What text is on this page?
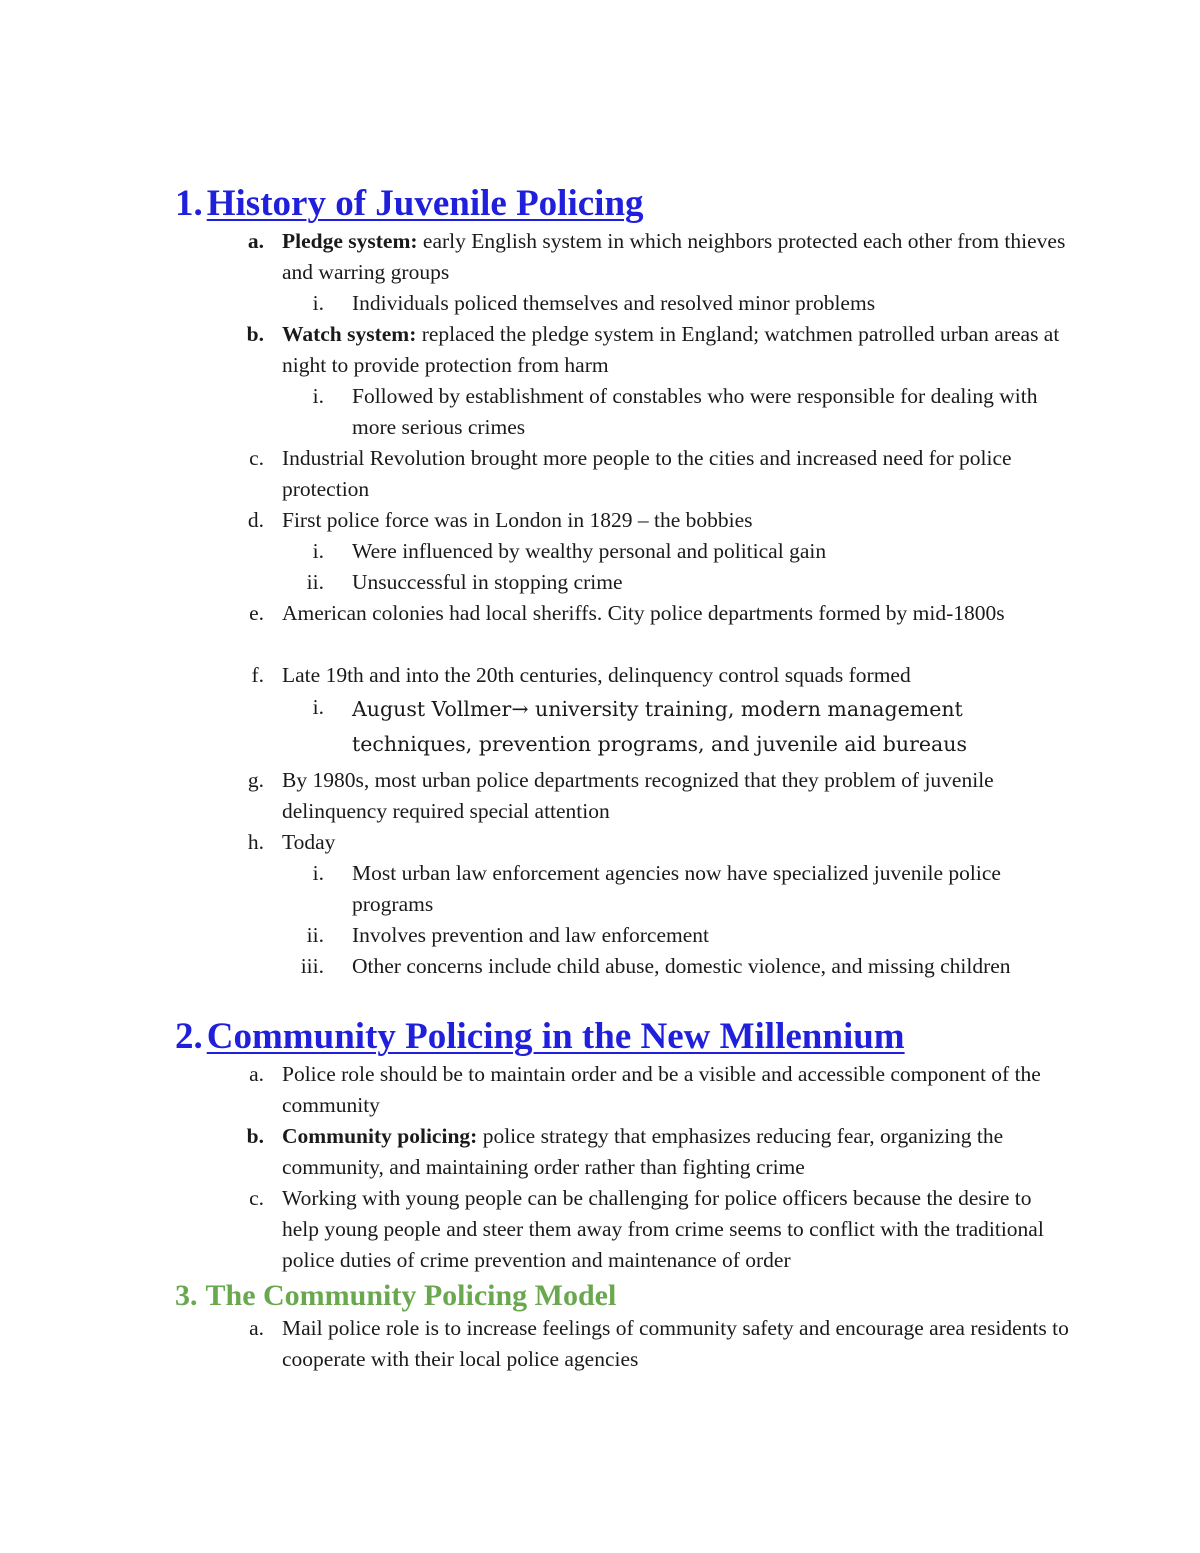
1. History of Juvenile Policing
a. Pledge system: early English system in which neighbors protected each other from thieves and warring groups
i. Individuals policed themselves and resolved minor problems
b. Watch system: replaced the pledge system in England; watchmen patrolled urban areas at night to provide protection from harm
i. Followed by establishment of constables who were responsible for dealing with more serious crimes
c. Industrial Revolution brought more people to the cities and increased need for police protection
d. First police force was in London in 1829 – the bobbies
i. Were influenced by wealthy personal and political gain
ii. Unsuccessful in stopping crime
e. American colonies had local sheriffs. City police departments formed by mid-1800s
f. Late 19th and into the 20th centuries, delinquency control squads formed
i. August Vollmer→ university training, modern management techniques, prevention programs, and juvenile aid bureaus
g. By 1980s, most urban police departments recognized that they problem of juvenile delinquency required special attention
h. Today
i. Most urban law enforcement agencies now have specialized juvenile police programs
ii. Involves prevention and law enforcement
iii. Other concerns include child abuse, domestic violence, and missing children
2. Community Policing in the New Millennium
a. Police role should be to maintain order and be a visible and accessible component of the community
b. Community policing: police strategy that emphasizes reducing fear, organizing the community, and maintaining order rather than fighting crime
c. Working with young people can be challenging for police officers because the desire to help young people and steer them away from crime seems to conflict with the traditional police duties of crime prevention and maintenance of order
3. The Community Policing Model
a. Mail police role is to increase feelings of community safety and encourage area residents to cooperate with their local police agencies
